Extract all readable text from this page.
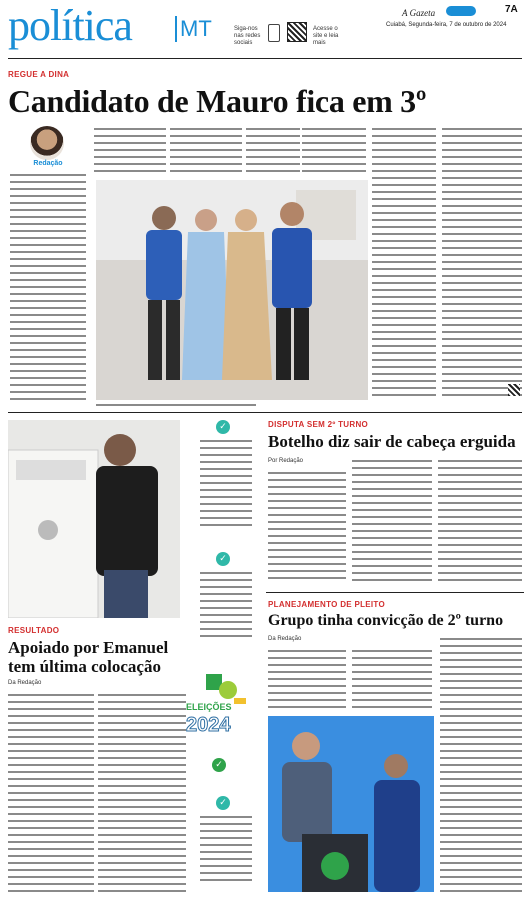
política MT	Siga-nos nas redes sociais
Acesse o site e leia mais
A Gazeta	7A
Cuiabá, Segunda-feira, 7 de outubro de 2024
REGUE A DINA
Candidato de Mauro fica em 3º
Redação
RESULTADO
Apoiado por Emanuel tem última colocação
Da Redação
✓
✓
ELEIÇÕES
2024
✓
✓
DISPUTA SEM 2º TURNO
Botelho diz sair de cabeça erguida
Por Redação
PLANEJAMENTO DE PLEITO
Grupo tinha convicção de 2º turno
Da Redação
